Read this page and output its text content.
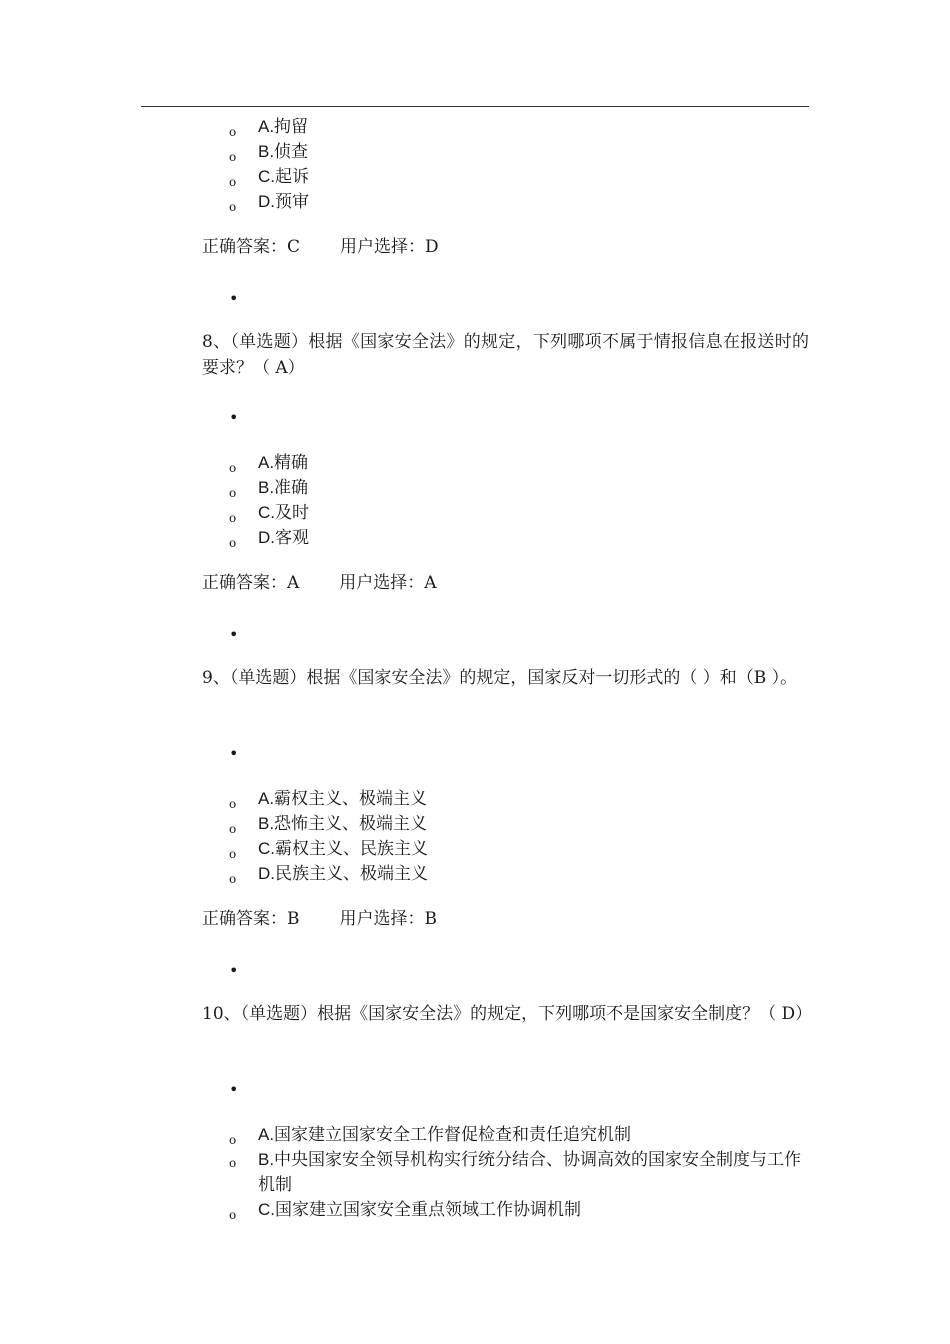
o A.拘留
o B.侦查
o C.起诉
o D.预审
正确答案：C 用户选择：D
•
8、（单选题）根据《国家安全法》的规定，下列哪项不属于情报信息在报送时的要求？（ A）
•
o A.精确
o B.准确
o C.及时
o D.客观
正确答案：A 用户选择：A
•
9、（单选题）根据《国家安全法》的规定，国家反对一切形式的（ ）和（B ）。
•
o A.霸权主义、极端主义
o B.恐怖主义、极端主义
o C.霸权主义、民族主义
o D.民族主义、极端主义
正确答案：B 用户选择：B
•
10、（单选题）根据《国家安全法》的规定，下列哪项不是国家安全制度？（ D）
•
o A.国家建立国家安全工作督促检查和责任追究机制
o	B.中央国家安全领导机构实行统分结合、协调高效的国家安全制度与工作机制
o C.国家建立国家安全重点领域工作协调机制
